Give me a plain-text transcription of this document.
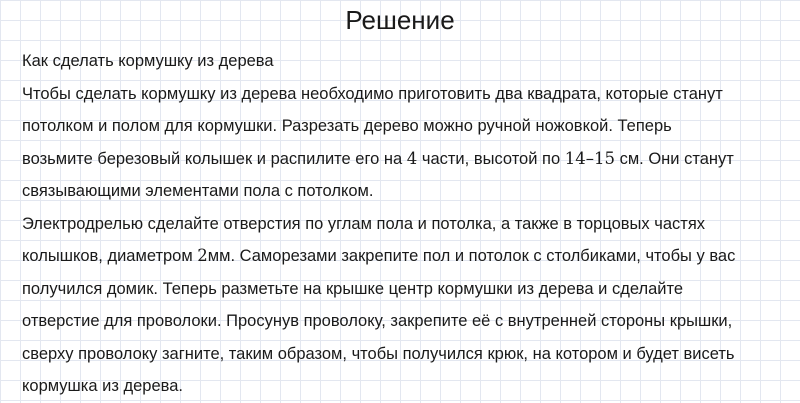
Решение

Как сделать кормушку из дерева

Чтобы сделать кормушку из дерева необходимо приготовить два квадрата, которые станут

потолком и полом для кормушки. Разрезать дерево можно ручной ножовкой. Теперь

возьмите березовый колышек и распилите его на 4 части, высотой по 14–15 см. Они станут

связывающими элементами пола с потолком.

Электродрелью сделайте отверстия по углам пола и потолка, а также в торцовых частях

колышков, диаметром 2мм. Саморезами закрепите пол и потолок с столбиками, чтобы у вас

получился домик. Теперь разметьте на крышке центр кормушки из дерева и сделайте

отверстие для проволоки. Просунув проволоку, закрепите её с внутренней стороны крышки,

сверху проволоку загните, таким образом, чтобы получился крюк, на котором и будет висеть

кормушка из дерева.
